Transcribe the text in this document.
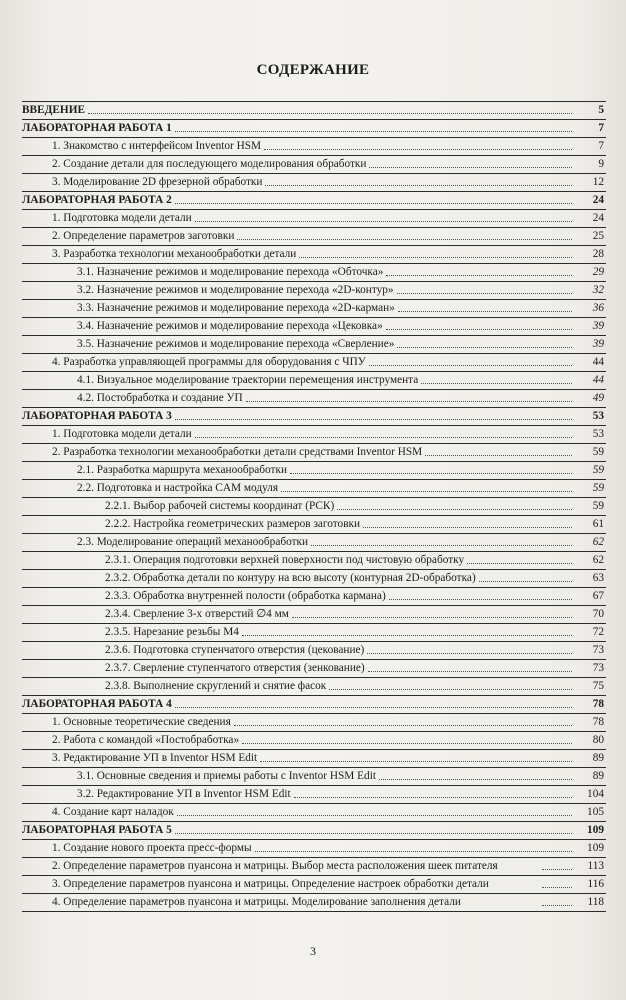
СОДЕРЖАНИЕ
ВВЕДЕНИЕ	5

ЛАБОРАТОРНАЯ РАБОТА 1	7

1. Знакомство с интерфейсом Inventor HSM	7

2. Создание детали для последующего моделирования обработки	9

3. Моделирование 2D фрезерной обработки	12

ЛАБОРАТОРНАЯ РАБОТА 2	24

1. Подготовка модели детали	24

2. Определение параметров заготовки	25

3. Разработка технологии механообработки детали	28

3.1. Назначение режимов и моделирование перехода «Обточка»	29

3.2. Назначение режимов и моделирование перехода «2D-контур»	32

3.3. Назначение режимов и моделирование перехода «2D-карман»	36

3.4. Назначение режимов и моделирование перехода «Цековка»	39

3.5. Назначение режимов и моделирование перехода «Сверление»	39

4. Разработка управляющей программы для оборудования с ЧПУ	44

4.1. Визуальное моделирование траектории перемещения инструмента	44

4.2. Постобработка и создание УП	49

ЛАБОРАТОРНАЯ РАБОТА 3	53

1. Подготовка модели детали	53

2. Разработка технологии механообработки детали средствами Inventor HSM	59

2.1. Разработка маршрута механообработки	59

2.2. Подготовка и настройка CAM модуля	59

2.2.1. Выбор рабочей системы координат (РСК)	59

2.2.2. Настройка геометрических размеров заготовки	61

2.3. Моделирование операций механообработки	62

2.3.1. Операция подготовки верхней поверхности под чистовую обработку	62

2.3.2. Обработка детали по контуру на всю высоту (контурная 2D-обработка)	63

2.3.3. Обработка внутренней полости (обработка кармана)	67

2.3.4. Сверление 3-х отверстий ∅4 мм	70

2.3.5. Нарезание резьбы М4	72

2.3.6. Подготовка ступенчатого отверстия (цекование)	73

2.3.7. Сверление ступенчатого отверстия (зенкование)	73

2.3.8. Выполнение скруглений и снятие фасок	75

ЛАБОРАТОРНАЯ РАБОТА 4	78

1. Основные теоретические сведения	78

2. Работа с командой «Постобработка»	80

3. Редактирование УП в Inventor HSM Edit	89

3.1. Основные сведения и приемы работы с Inventor HSM Edit	89

3.2. Редактирование УП в Inventor HSM Edit	104

4. Создание карт наладок	105

ЛАБОРАТОРНАЯ РАБОТА 5	109

1. Создание нового проекта пресс-формы	109

2. Определение параметров пуансона и матрицы. Выбор места расположения шеек питателя	113

3. Определение параметров пуансона и матрицы. Определение настроек обработки детали	116

4. Определение параметров пуансона и матрицы. Моделирование заполнения детали	118
3
